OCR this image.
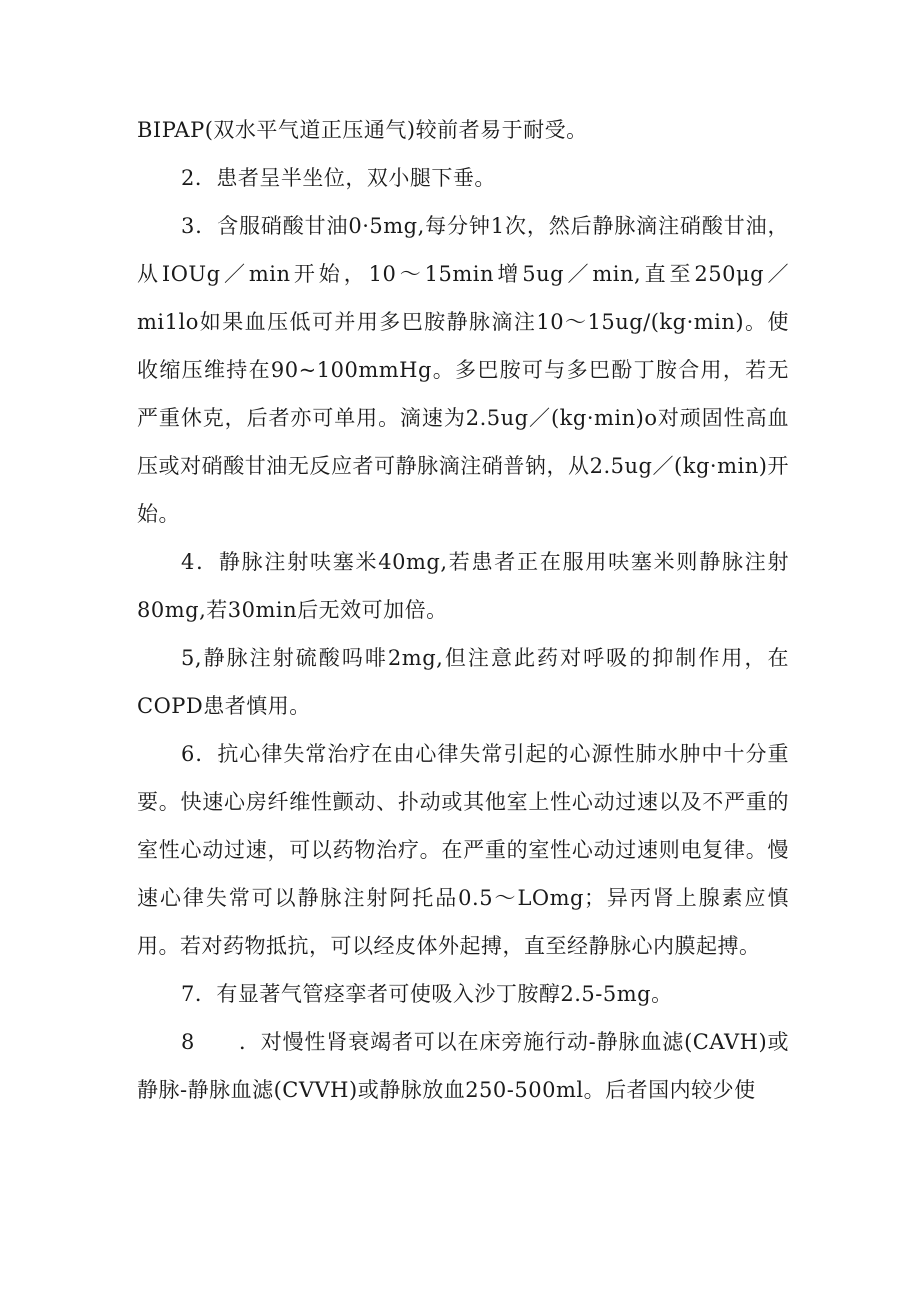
BIPAP(双水平气道正压通气)较前者易于耐受。

2．患者呈半坐位，双小腿下垂。

3．含服硝酸甘油0·5mg,每分钟1次，然后静脉滴注硝酸甘油，从IOUg／min开始，10～15min增5ug／min,直至250μg／mi1lo如果血压低可并用多巴胺静脉滴注10～15ug/(kg·min)。使收缩压维持在90~100mmHg。多巴胺可与多巴酚丁胺合用，若无严重休克，后者亦可单用。滴速为2.5ug／(kg·min)o对顽固性高血压或对硝酸甘油无反应者可静脉滴注硝普钠，从2.5ug／(kg·min)开始。

4．静脉注射呋塞米40mg,若患者正在服用呋塞米则静脉注射80mg,若30min后无效可加倍。

5,静脉注射硫酸吗啡2mg,但注意此药对呼吸的抑制作用，在COPD患者慎用。

6．抗心律失常治疗在由心律失常引起的心源性肺水肿中十分重要。快速心房纤维性颤动、扑动或其他室上性心动过速以及不严重的室性心动过速，可以药物治疗。在严重的室性心动过速则电复律。慢速心律失常可以静脉注射阿托品0.5～LOmg；异丙肾上腺素应慎用。若对药物抵抗，可以经皮体外起搏，直至经静脉心内膜起搏。

7．有显著气管痉挛者可使吸入沙丁胺醇2.5-5mg。

8　　．对慢性肾衰竭者可以在床旁施行动-静脉血滤(CAVH)或静脉-静脉血滤(CVVH)或静脉放血250-500ml。后者国内较少使
